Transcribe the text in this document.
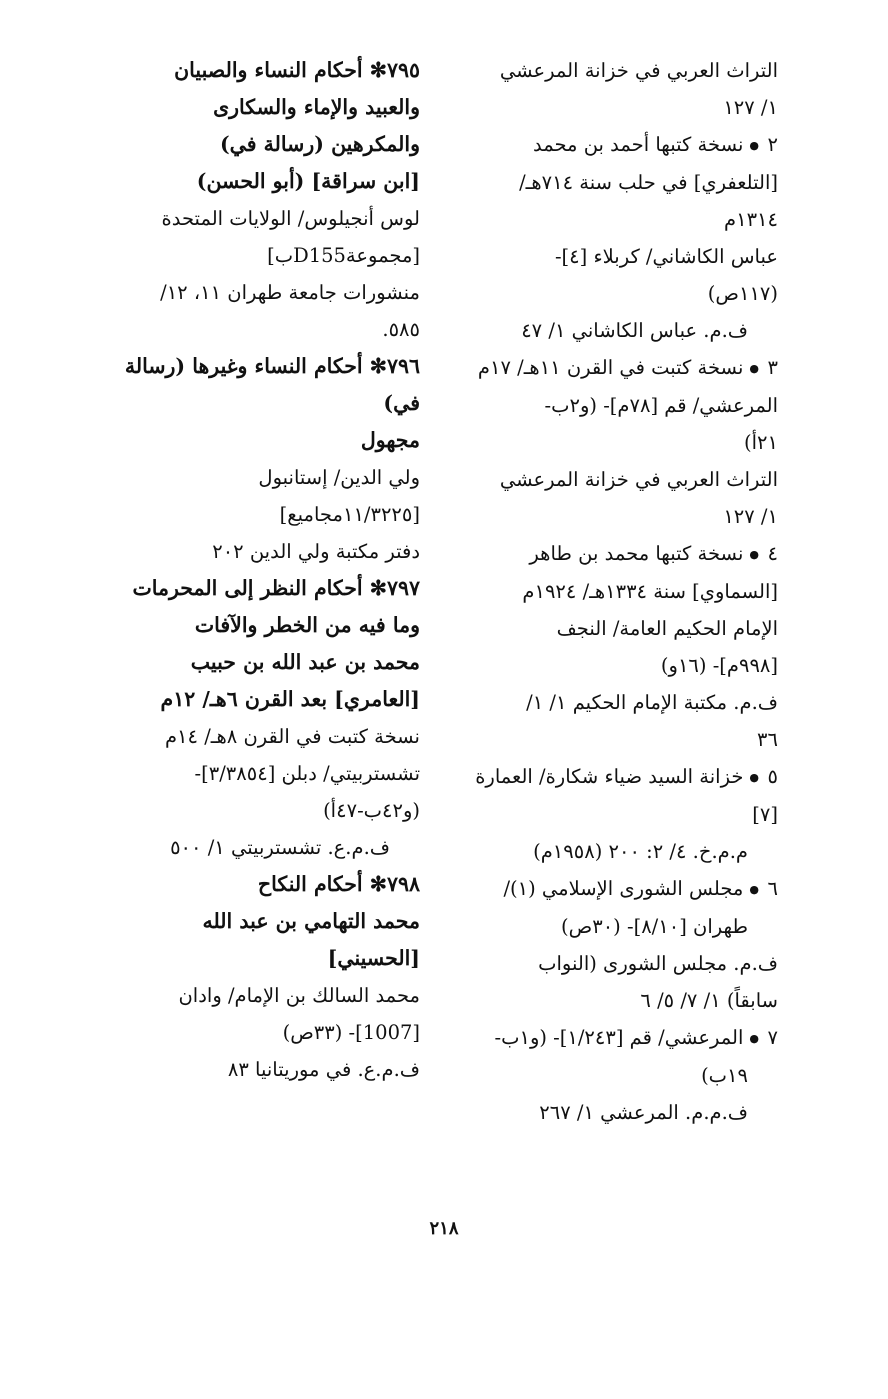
التراث العربي في خزانة المرعشي
١/ ١٢٧
٢●نسخة كتبها أحمد بن محمد
[التلعفري] في حلب سنة ٧١٤هـ/
١٣١٤م
عباس الكاشاني/ كربلاء [٤]-
(١١٧ص)
ف.م. عباس الكاشاني ١/ ٤٧
٣●نسخة كتبت في القرن ١١هـ/ ١٧م
المرعشي/ قم [٧٨م]- (و٢ب-
٢١أ)
التراث العربي في خزانة المرعشي
١/ ١٢٧
٤●نسخة كتبها محمد بن طاهر
[السماوي] سنة ١٣٣٤هـ/ ١٩٢٤م
الإمام الحكيم العامة/ النجف
[٩٩٨م]- (١٦و)
ف.م. مكتبة الإمام الحكيم ١/ ١/
٣٦
٥●خزانة السيد ضياء شكارة/ العمارة
[٧]
م.م.خ. ٤/ ٢: ٢٠٠ (١٩٥٨م)
٦●مجلس الشورى الإسلامي (١)/
طهران [٨/١٠]- (٣٠ص)
ف.م. مجلس الشورى (النواب
سابقاً) ١/ ٧/ ٥/ ٦
٧●المرعشي/ قم [١/٢٤٣]- (و١ب-
١٩ب)
ف.م.م. المرعشي ١/ ٢٦٧
٧٩٥✻ أحكام النساء والصبيان
والعبيد والإماء والسكارى
والمكرهين (رسالة في)
[ابن سراقة] (أبو الحسن)
لوس أنجيلوس/ الولايات المتحدة
[مجموعةD155ب]
منشورات جامعة طهران ١١، ١٢/
٥٨٥.
٧٩٦✻ أحكام النساء وغيرها (رسالة
في)
مجهول
ولي الدين/ إستانبول
[١١/٣٢٢٥مجاميع]
دفتر مكتبة ولي الدين ٢٠٢
٧٩٧✻ أحكام النظر إلى المحرمات
وما فيه من الخطر والآفات
محمد بن عبد الله بن حبيب
[العامري] بعد القرن ٦هـ/ ١٢م
نسخة كتبت في القرن ٨هـ/ ١٤م
تشستربيتي/ دبلن [٣/٣٨٥٤]-
(و٤٢ب-٤٧أ)
ف.م.ع. تشستربيتي ١/ ٥٠٠
٧٩٨✻ أحكام النكاح
محمد التهامي بن عبد الله
[الحسيني]
محمد السالك بن الإمام/ وادان
[1007]- (٣٣ص)
ف.م.ع. في موريتانيا ٨٣
٢١٨
